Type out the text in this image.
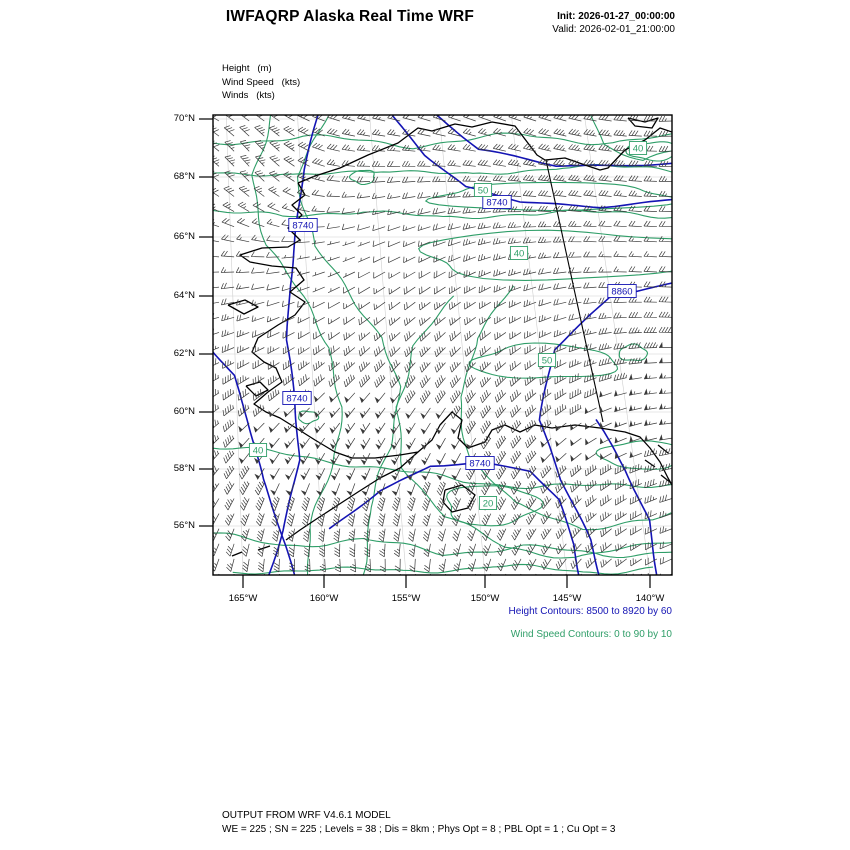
IWFAQRP Alaska Real Time WRF	Init: 2026-01-27_00:00:00
Valid: 2026-02-01_21:00:00
Height   (m)
Wind Speed   (kts)
Winds   (kts)
8740
8740
8860
8740
8740
50
40
40
50
20
40
70°N
68°N
66°N
64°N
62°N
60°N
58°N
56°N
165°W	160°W	155°W	150°W	145°W	140°W
Height Contours: 8500 to 8920 by 60
Wind Speed Contours: 0 to 90 by 10
OUTPUT FROM WRF V4.6.1 MODEL
WE = 225 ; SN = 225 ; Levels = 38 ; Dis = 8km ; Phys Opt = 8 ; PBL Opt = 1 ; Cu Opt = 3
